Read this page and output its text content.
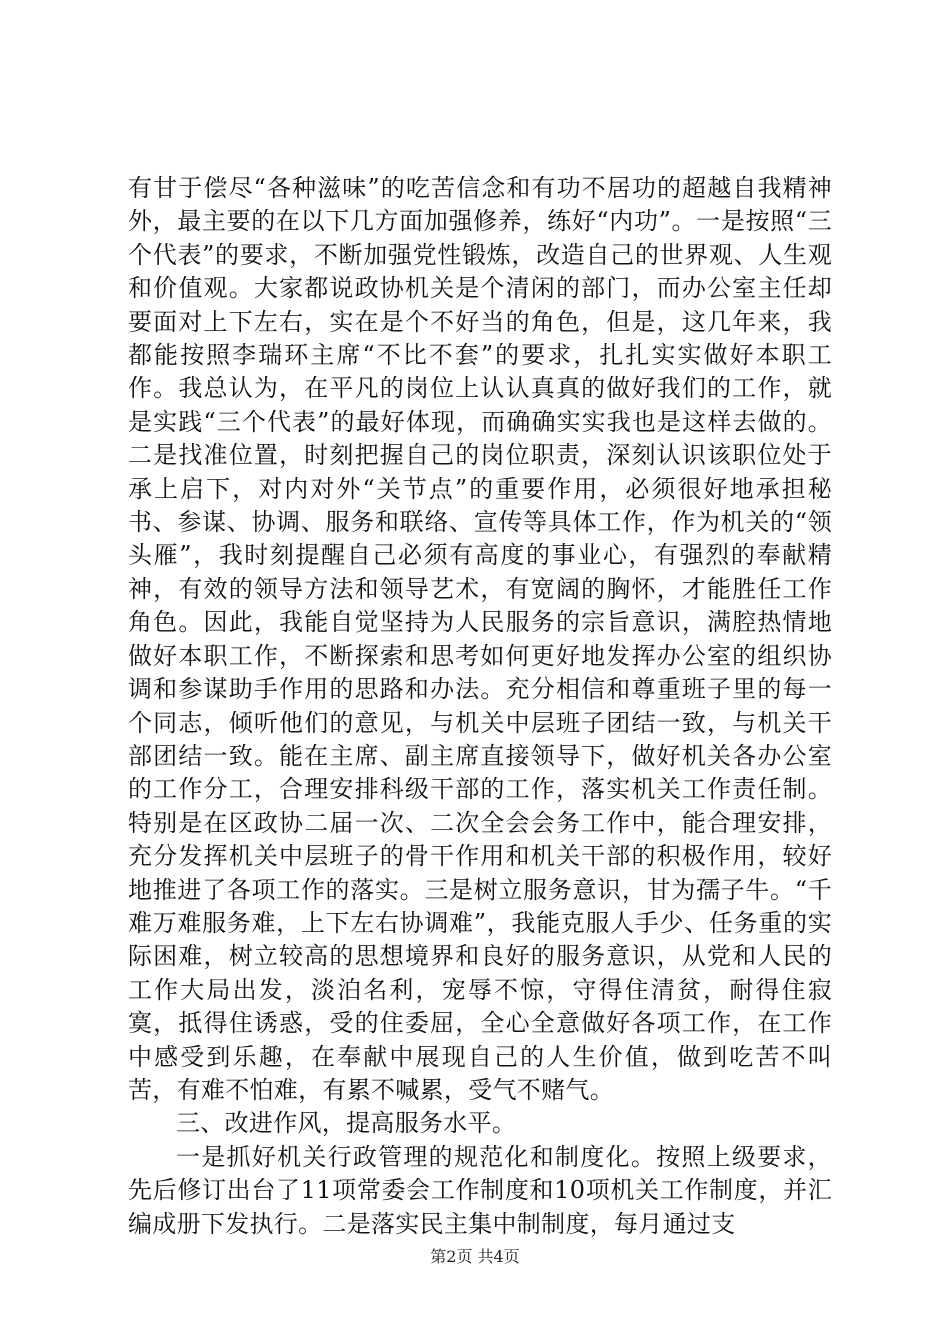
有甘于偿尽“各种滋味”的吃苦信念和有功不居功的超越自我精神外，最主要的在以下几方面加强修养，练好“内功”。一是按照“三个代表”的要求，不断加强党性锻炼，改造自己的世界观、人生观和价值观。大家都说政协机关是个清闲的部门，而办公室主任却要面对上下左右，实在是个不好当的角色，但是，这几年来，我都能按照李瑞环主席“不比不套”的要求，扎扎实实做好本职工作。我总认为，在平凡的岗位上认认真真的做好我们的工作，就是实践“三个代表”的最好体现，而确确实实我也是这样去做的。二是找准位置，时刻把握自己的岗位职责，深刻认识该职位处于承上启下，对内对外“关节点”的重要作用，必须很好地承担秘书、参谋、协调、服务和联络、宣传等具体工作，作为机关的“领头雁”，我时刻提醒自己必须有高度的事业心，有强烈的奉献精神，有效的领导方法和领导艺术，有宽阔的胸怀，才能胜任工作角色。因此，我能自觉坚持为人民服务的宗旨意识，满腔热情地做好本职工作，不断探索和思考如何更好地发挥办公室的组织协调和参谋助手作用的思路和办法。充分相信和尊重班子里的每一个同志，倾听他们的意见，与机关中层班子团结一致，与机关干部团结一致。能在主席、副主席直接领导下，做好机关各办公室的工作分工，合理安排科级干部的工作，落实机关工作责任制。特别是在区政协二届一次、二次全会会务工作中，能合理安排，充分发挥机关中层班子的骨干作用和机关干部的积极作用，较好地推进了各项工作的落实。三是树立服务意识，甘为孺子牛。“千难万难服务难，上下左右协调难”，我能克服人手少、任务重的实际困难，树立较高的思想境界和良好的服务意识，从党和人民的工作大局出发，淡泊名利，宠辱不惊，守得住清贫，耐得住寂寞，抵得住诱惑，受的住委屈，全心全意做好各项工作，在工作中感受到乐趣，在奉献中展现自己的人生价值，做到吃苦不叫苦，有难不怕难，有累不喊累，受气不赌气。

三、改进作风，提高服务水平。

一是抓好机关行政管理的规范化和制度化。按照上级要求，先后修订出台了11项常委会工作制度和10项机关工作制度，并汇编成册下发执行。二是落实民主集中制制度，每月通过支

第2页 共4页
